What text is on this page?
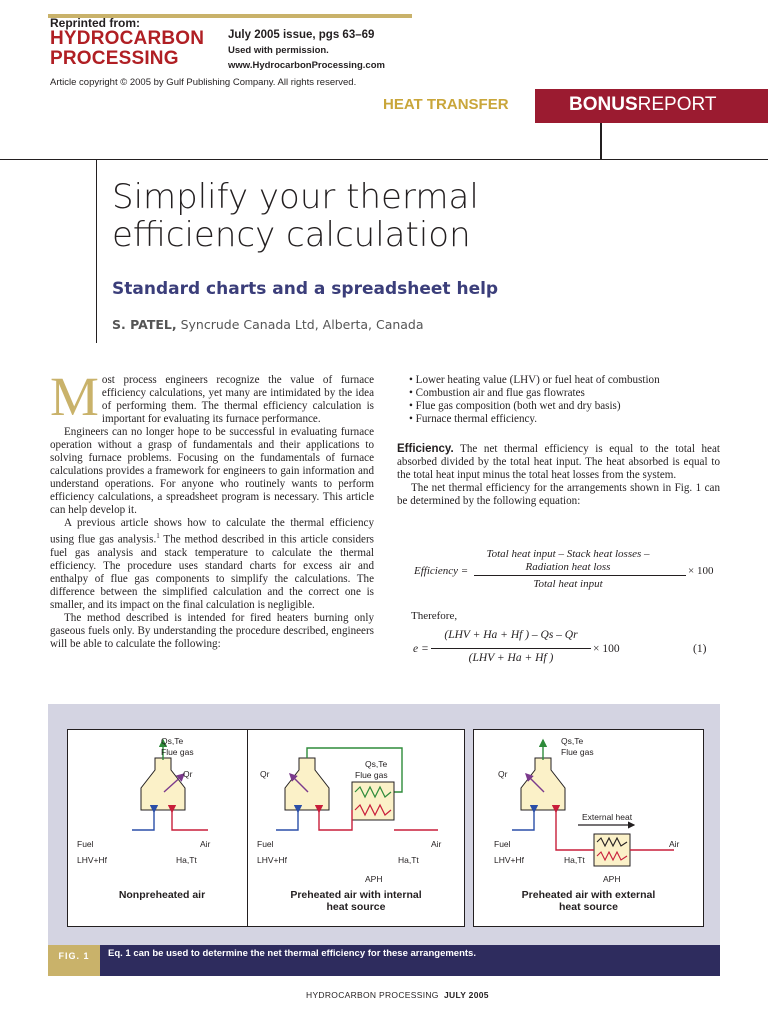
Reprinted from:
HYDROCARBON
PROCESSING
July 2005 issue, pgs 63–69
Used with permission.
www.HydrocarbonProcessing.com
Article copyright © 2005 by Gulf Publishing Company. All rights reserved.
HEAT TRANSFER	BONUSREPORT
Simplify your thermal efficiency calculation
Standard charts and a spreadsheet help
S. PATEL, Syncrude Canada Ltd, Alberta, Canada

Most process engineers recognize the value of furnace efficiency calculations, yet many are intimidated by the idea of performing them. The thermal efficiency calculation is important for evaluating its furnace performance.

Engineers can no longer hope to be successful in evaluating furnace operation without a grasp of fundamentals and their applications to solving furnace problems. Focusing on the fundamentals of furnace calculations provides a framework for engineers to gain information and understand operations. For anyone who routinely wants to perform efficiency calculations, a spreadsheet program is necessary. This article can help develop it.

A previous article shows how to calculate the thermal efficiency using flue gas analysis.$^1$ The method described in this article considers fuel gas analysis and stack temperature to calculate the thermal efficiency. The procedure uses standard charts for excess air and enthalpy of flue gas components to simplify the calculations. The difference between the simplified calculation and the correct one is smaller, and its impact on the final calculation is negligible.

The method described is intended for fired heaters burning only gaseous fuels only. By understanding the procedure described, engineers will be able to calculate the following:

• Lower heating value (LHV) or fuel heat of combustion
• Combustion air and flue gas flowrates
• Flue gas composition (both wet and dry basis)
• Furnace thermal efficiency.

Efficiency. The net thermal efficiency is equal to the total heat absorbed divided by the total heat input. The heat absorbed is equal to the total heat input minus the total heat losses from the system.

The net thermal efficiency for the arrangements shown in Fig. 1 can be determined by the following equation:

Efficiency =
Total heat input – Stack heat losses –
Radiation heat loss
Total heat input
× 100
Therefore,
e =
(LHV + Ha + Hf ) – Qs – Qr
(LHV + Ha + Hf )
× 100	(1)
Qs,Te
Flue gas
Qr
Fuel
LHV+Hf
Air
Ha,Tt
Nonpreheated air
Qs,Te
Flue gas
Qr
Fuel
LHV+Hf
Air
Ha,Tt
APH
Preheated air with internal
heat source
Qs,Te
Flue gas
Qr
External heat
Fuel
LHV+Hf
Air
Ha,Tt
APH
Preheated air with external
heat source
FIG. 1	Eq. 1 can be used to determine the net thermal efficiency for these arrangements.
HYDROCARBON PROCESSING JULY 2005
